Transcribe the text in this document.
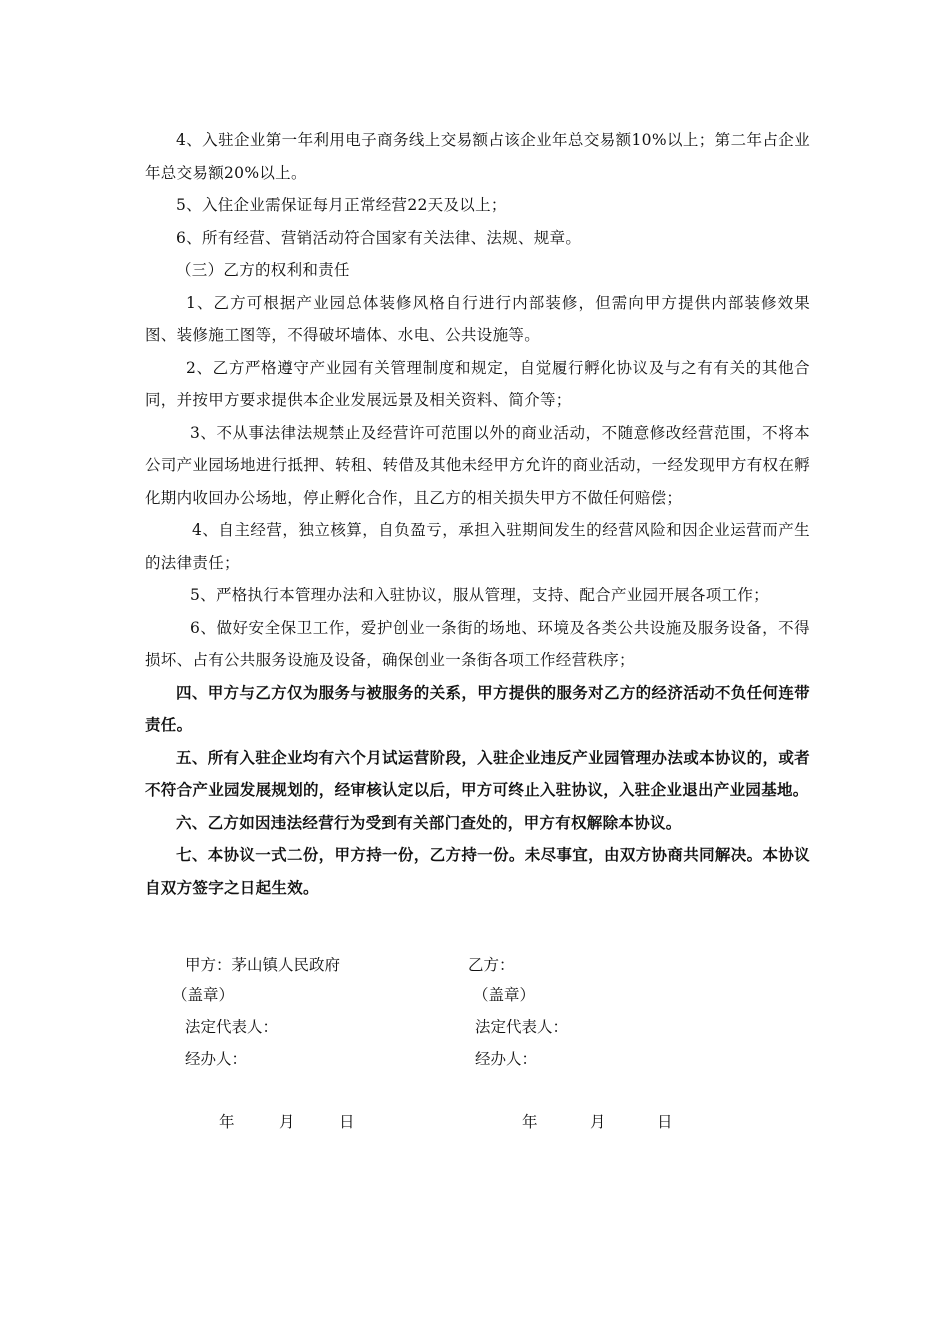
4、入驻企业第一年利用电子商务线上交易额占该企业年总交易额10%以上；第二年占企业年总交易额20%以上。

5、入住企业需保证每月正常经营22天及以上；

6、所有经营、营销活动符合国家有关法律、法规、规章。

（三）乙方的权利和责任

1、乙方可根据产业园总体装修风格自行进行内部装修，但需向甲方提供内部装修效果图、装修施工图等，不得破坏墙体、水电、公共设施等。

2、乙方严格遵守产业园有关管理制度和规定，自觉履行孵化协议及与之有有关的其他合同，并按甲方要求提供本企业发展远景及相关资料、简介等；

3、不从事法律法规禁止及经营许可范围以外的商业活动，不随意修改经营范围，不将本公司产业园场地进行抵押、转租、转借及其他未经甲方允许的商业活动，一经发现甲方有权在孵化期内收回办公场地，停止孵化合作，且乙方的相关损失甲方不做任何赔偿；

4、自主经营，独立核算，自负盈亏，承担入驻期间发生的经营风险和因企业运营而产生的法律责任；

5、严格执行本管理办法和入驻协议，服从管理，支持、配合产业园开展各项工作；

6、做好安全保卫工作，爱护创业一条街的场地、环境及各类公共设施及服务设备，不得损坏、占有公共服务设施及设备，确保创业一条街各项工作经营秩序；

四、甲方与乙方仅为服务与被服务的关系，甲方提供的服务对乙方的经济活动不负任何连带责任。

五、所有入驻企业均有六个月试运营阶段，入驻企业违反产业园管理办法或本协议的，或者不符合产业园发展规划的，经审核认定以后，甲方可终止入驻协议，入驻企业退出产业园基地。

六、乙方如因违法经营行为受到有关部门查处的，甲方有权解除本协议。

七、本协议一式二份，甲方持一份，乙方持一份。未尽事宜，由双方协商共同解决。本协议自双方签字之日起生效。

甲方：茅山镇人民政府
（盖章）
法定代表人：
经办人：
乙方：
（盖章）
法定代表人：
经办人：
年	月	日	年	月	日
